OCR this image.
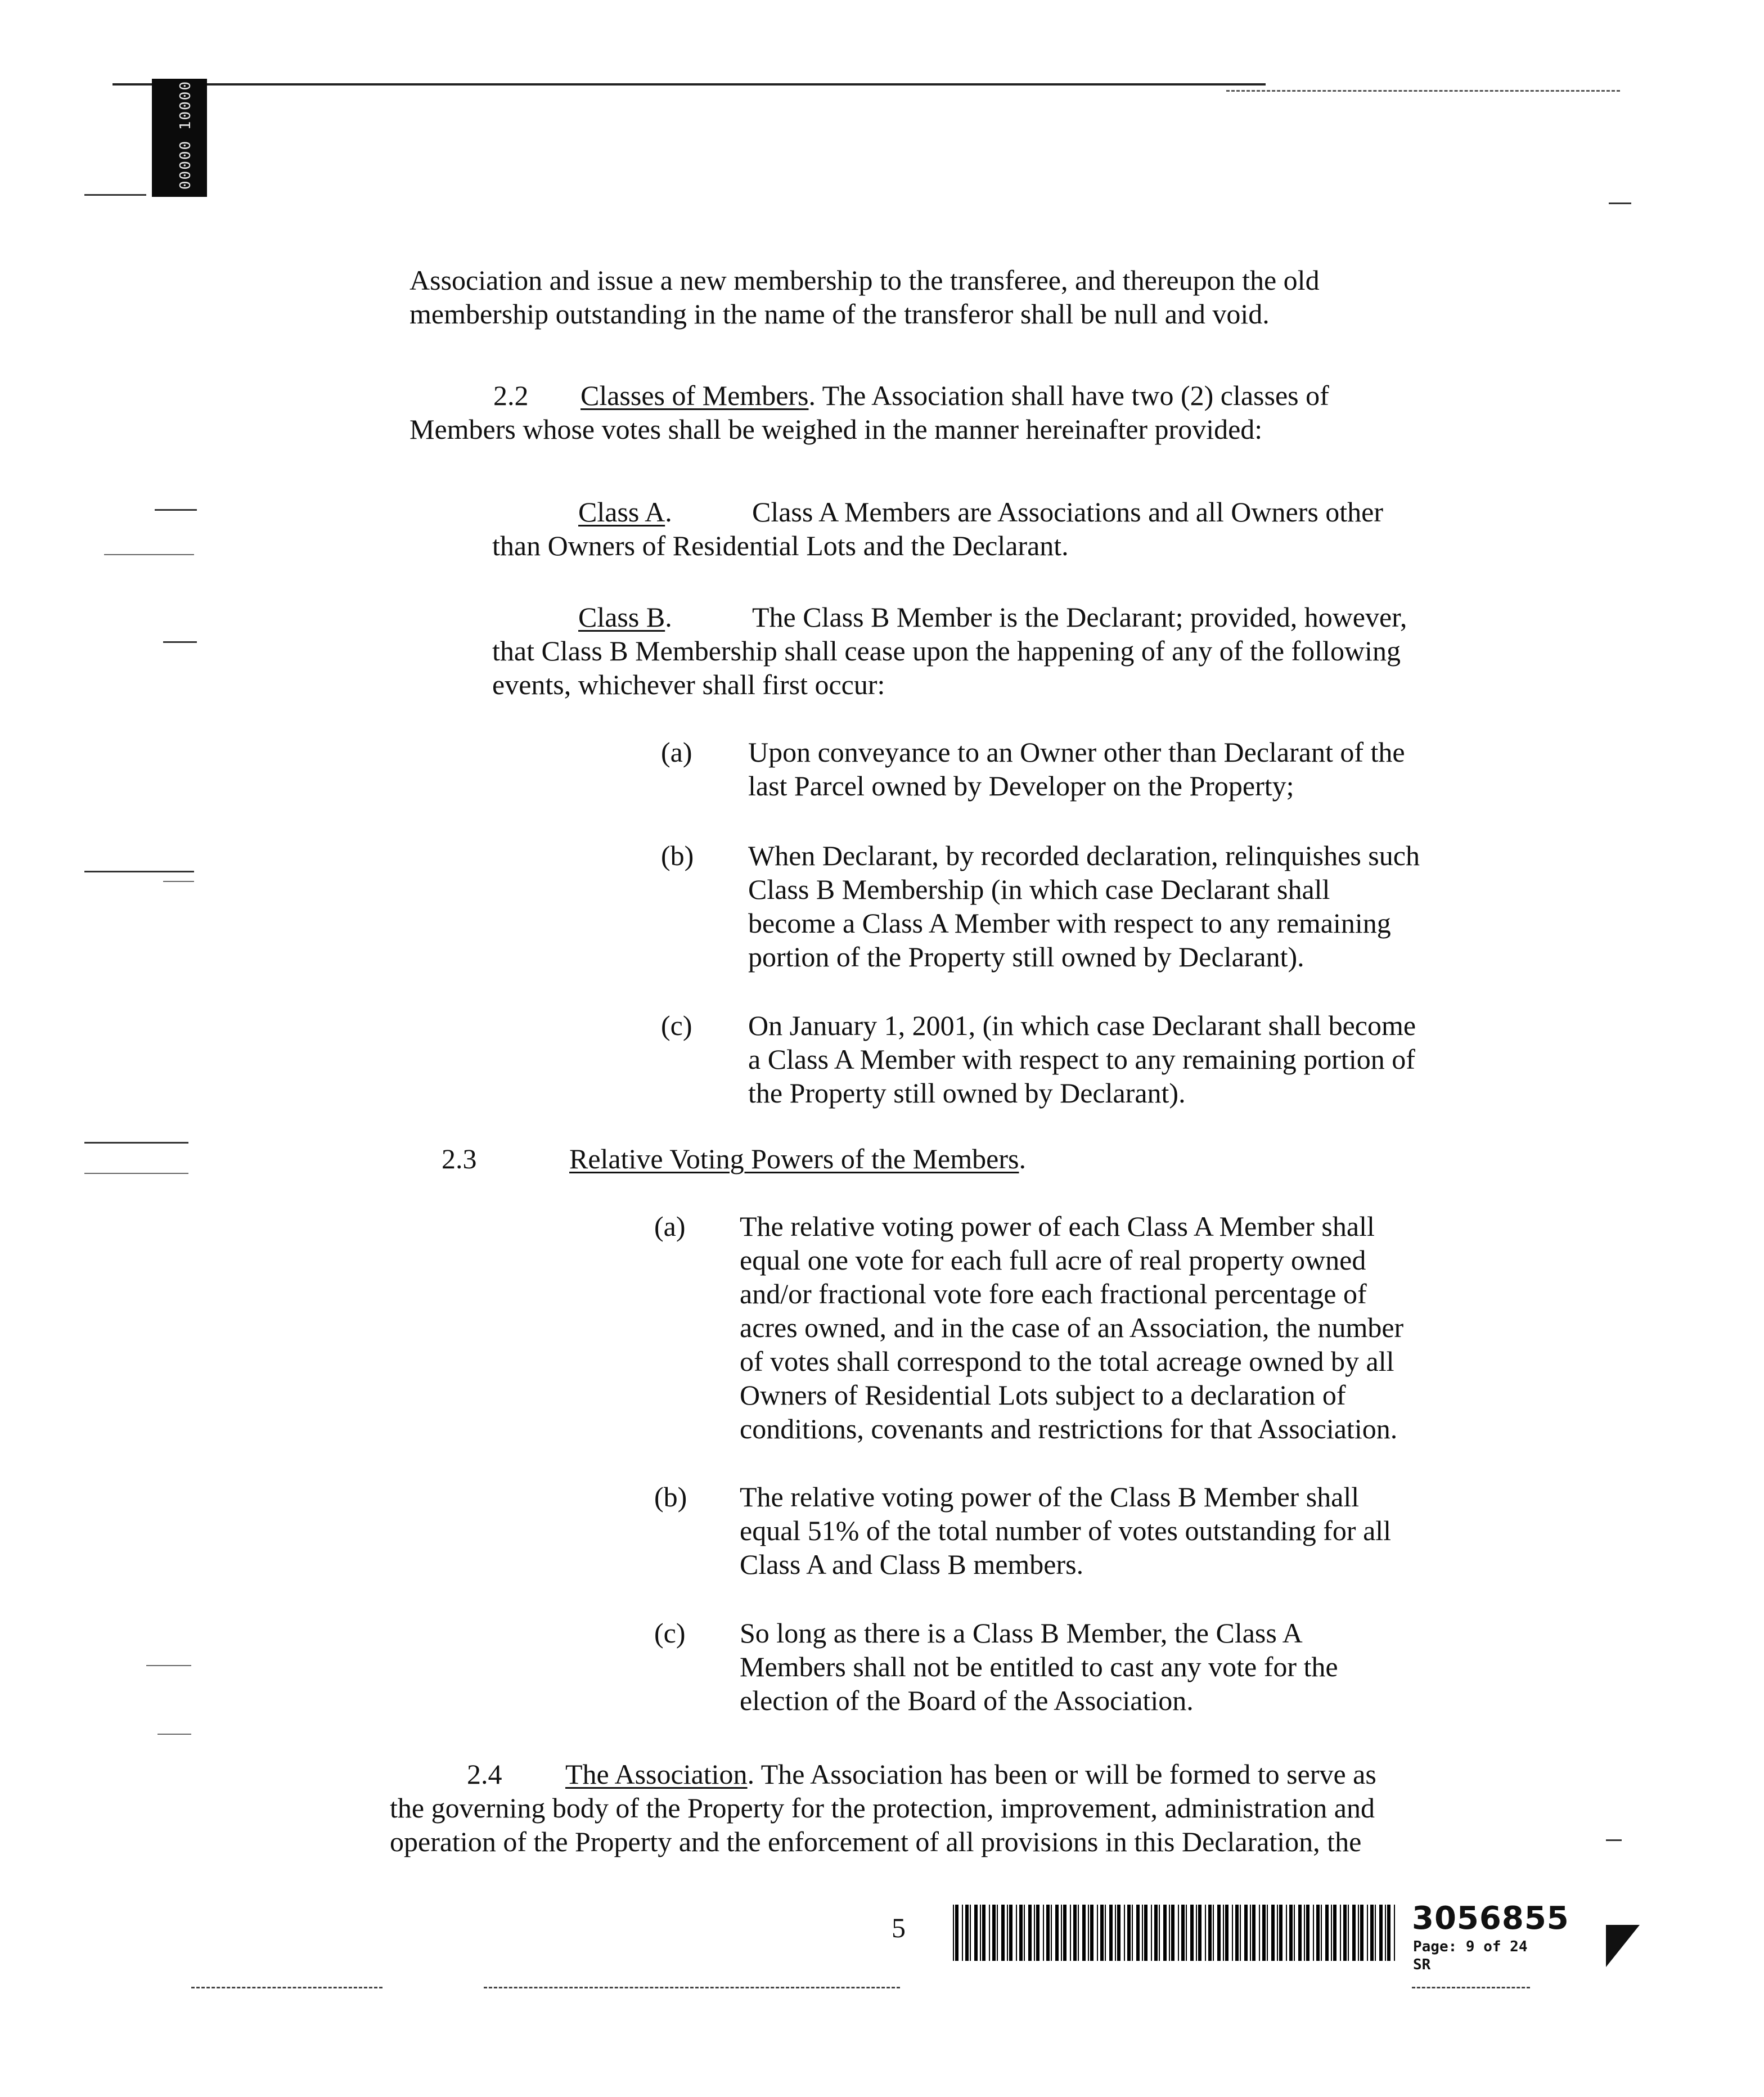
00000 10000
Association and issue a new membership to the transferee, and thereupon the old
membership outstanding in the name of the transferor shall be null and void.
2.2 Classes of Members. The Association shall have two (2) classes of
Members whose votes shall be weighed in the manner hereinafter provided:
Class A.	Class A Members are Associations and all Owners other
than Owners of Residential Lots and the Declarant.
Class B.	The Class B Member is the Declarant; provided, however,
that Class B Membership shall cease upon the happening of any of the following
events, whichever shall first occur:
(a) Upon conveyance to an Owner other than Declarant of the
last Parcel owned by Developer on the Property;
(b) When Declarant, by recorded declaration, relinquishes such
Class B Membership (in which case Declarant shall
become a Class A Member with respect to any remaining
portion of the Property still owned by Declarant).
(c) On January 1, 2001, (in which case Declarant shall become
a Class A Member with respect to any remaining portion of
the Property still owned by Declarant).
2.3	Relative Voting Powers of the Members.
(a) The relative voting power of each Class A Member shall
equal one vote for each full acre of real property owned
and/or fractional vote fore each fractional percentage of
acres owned, and in the case of an Association, the number
of votes shall correspond to the total acreage owned by all
Owners of Residential Lots subject to a declaration of
conditions, covenants and restrictions for that Association.
(b) The relative voting power of the Class B Member shall
equal 51% of the total number of votes outstanding for all
Class A and Class B members.
(c) So long as there is a Class B Member, the Class A
Members shall not be entitled to cast any vote for the
election of the Board of the Association.
2.4 The Association. The Association has been or will be formed to serve as
the governing body of the Property for the protection, improvement, administration and
operation of the Property and the enforcement of all provisions in this Declaration, the
5	3056855
Page: 9 of 24
SR
